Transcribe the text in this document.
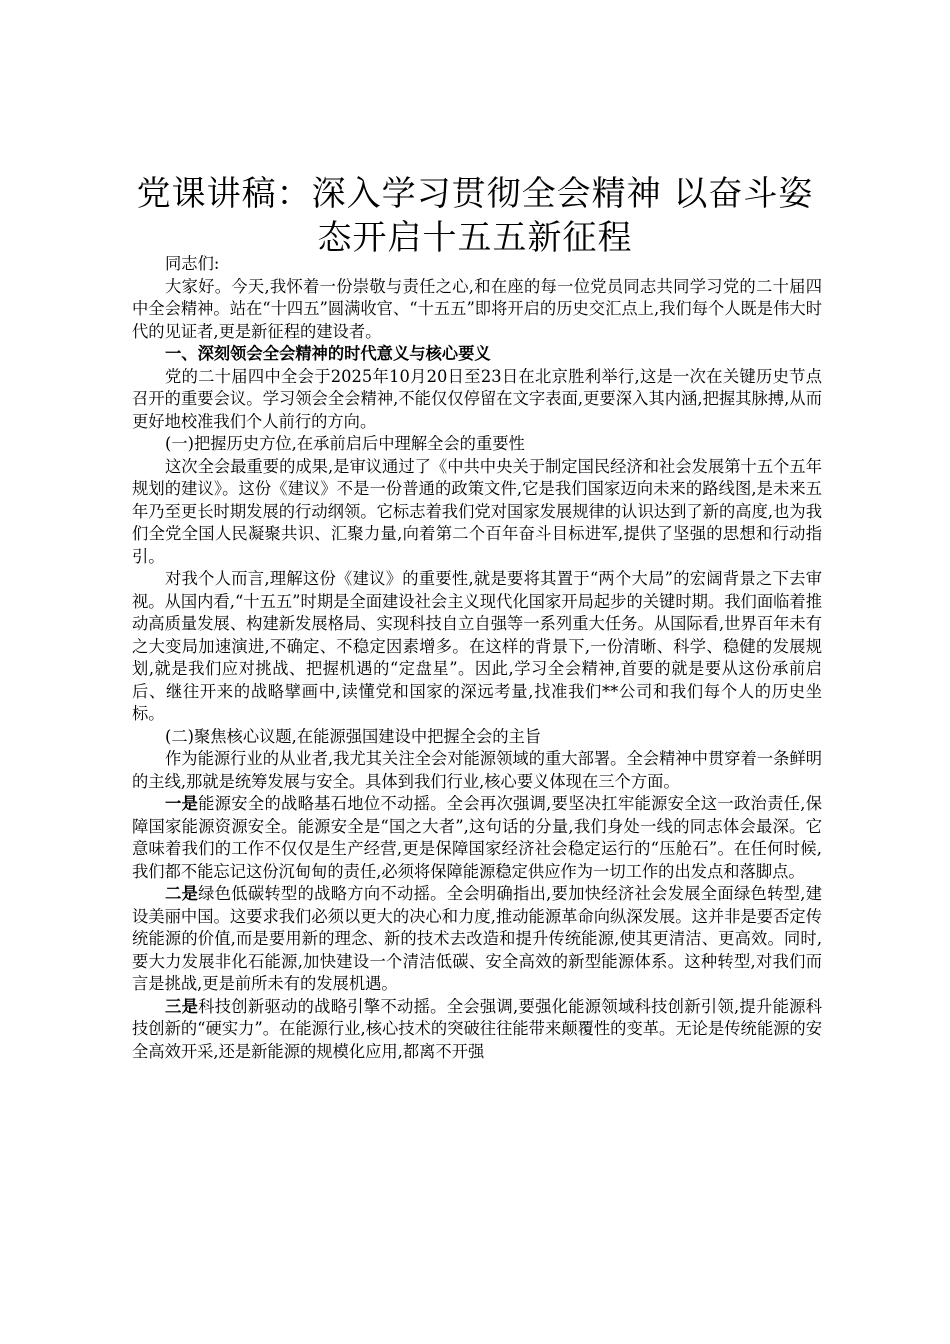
党课讲稿：深入学习贯彻全会精神 以奋斗姿态开启十五五新征程

同志们:

大家好。今天,我怀着一份崇敬与责任之心,和在座的每一位党员同志共同学习党的二十届四中全会精神。站在“十四五”圆满收官、“十五五”即将开启的历史交汇点上,我们每个人既是伟大时代的见证者,更是新征程的建设者。

一、深刻领会全会精神的时代意义与核心要义

党的二十届四中全会于2025年10月20日至23日在北京胜利举行,这是一次在关键历史节点召开的重要会议。学习领会全会精神,不能仅仅停留在文字表面,更要深入其内涵,把握其脉搏,从而更好地校准我们个人前行的方向。

(一)把握历史方位,在承前启后中理解全会的重要性

这次全会最重要的成果,是审议通过了《中共中央关于制定国民经济和社会发展第十五个五年规划的建议》。这份《建议》不是一份普通的政策文件,它是我们国家迈向未来的路线图,是未来五年乃至更长时期发展的行动纲领。它标志着我们党对国家发展规律的认识达到了新的高度,也为我们全党全国人民凝聚共识、汇聚力量,向着第二个百年奋斗目标进军,提供了坚强的思想和行动指引。

对我个人而言,理解这份《建议》的重要性,就是要将其置于“两个大局”的宏阔背景之下去审视。从国内看,“十五五”时期是全面建设社会主义现代化国家开局起步的关键时期。我们面临着推动高质量发展、构建新发展格局、实现科技自立自强等一系列重大任务。从国际看,世界百年未有之大变局加速演进,不确定、不稳定因素增多。在这样的背景下,一份清晰、科学、稳健的发展规划,就是我们应对挑战、把握机遇的“定盘星”。因此,学习全会精神,首要的就是要从这份承前启后、继往开来的战略擘画中,读懂党和国家的深远考量,找准我们**公司和我们每个人的历史坐标。

(二)聚焦核心议题,在能源强国建设中把握全会的主旨

作为能源行业的从业者,我尤其关注全会对能源领域的重大部署。全会精神中贯穿着一条鲜明的主线,那就是统筹发展与安全。具体到我们行业,核心要义体现在三个方面。

一是能源安全的战略基石地位不动摇。全会再次强调,要坚决扛牢能源安全这一政治责任,保障国家能源资源安全。能源安全是“国之大者”,这句话的分量,我们身处一线的同志体会最深。它意味着我们的工作不仅仅是生产经营,更是保障国家经济社会稳定运行的“压舱石”。在任何时候,我们都不能忘记这份沉甸甸的责任,必须将保障能源稳定供应作为一切工作的出发点和落脚点。

二是绿色低碳转型的战略方向不动摇。全会明确指出,要加快经济社会发展全面绿色转型,建设美丽中国。这要求我们必须以更大的决心和力度,推动能源革命向纵深发展。这并非是要否定传统能源的价值,而是要用新的理念、新的技术去改造和提升传统能源,使其更清洁、更高效。同时,要大力发展非化石能源,加快建设一个清洁低碳、安全高效的新型能源体系。这种转型,对我们而言是挑战,更是前所未有的发展机遇。

三是科技创新驱动的战略引擎不动摇。全会强调,要强化能源领域科技创新引领,提升能源科技创新的“硬实力”。在能源行业,核心技术的突破往往能带来颠覆性的变革。无论是传统能源的安全高效开采,还是新能源的规模化应用,都离不开强
